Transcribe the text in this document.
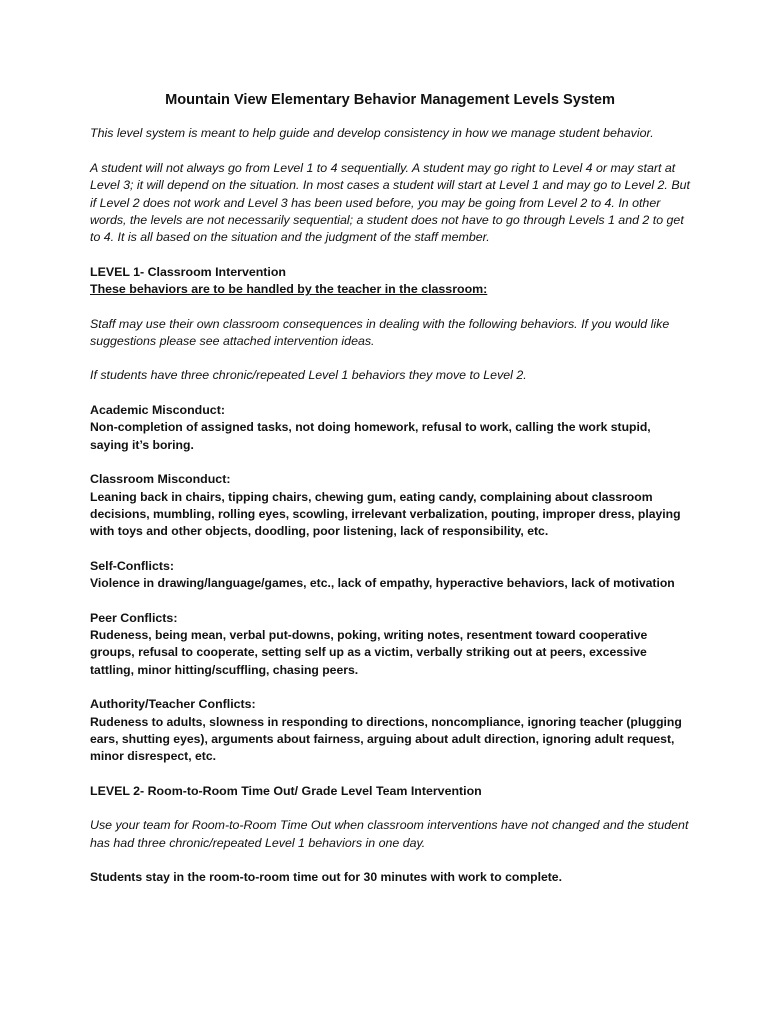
Mountain View Elementary Behavior Management Levels System

This level system is meant to help guide and develop consistency in how we manage student behavior.

A student will not always go from Level 1 to 4 sequentially. A student may go right to Level 4 or may start at Level 3; it will depend on the situation. In most cases a student will start at Level 1 and may go to Level 2. But if Level 2 does not work and Level 3 has been used before, you may be going from Level 2 to 4. In other words, the levels are not necessarily sequential; a student does not have to go through Levels 1 and 2 to get to 4. It is all based on the situation and the judgment of the staff member.

LEVEL 1- Classroom Intervention

These behaviors are to be handled by the teacher in the classroom:

Staff may use their own classroom consequences in dealing with the following behaviors. If you would like suggestions please see attached intervention ideas.

If students have three chronic/repeated Level 1 behaviors they move to Level 2.

Academic Misconduct:

Non-completion of assigned tasks, not doing homework, refusal to work, calling the work stupid, saying it’s boring.

Classroom Misconduct:

Leaning back in chairs, tipping chairs, chewing gum, eating candy, complaining about classroom decisions, mumbling, rolling eyes, scowling, irrelevant verbalization, pouting, improper dress, playing with toys and other objects, doodling, poor listening, lack of responsibility, etc.

Self-Conflicts:

Violence in drawing/language/games, etc., lack of empathy, hyperactive behaviors, lack of motivation

Peer Conflicts:

Rudeness, being mean, verbal put-downs, poking, writing notes, resentment toward cooperative groups, refusal to cooperate, setting self up as a victim, verbally striking out at peers, excessive tattling, minor hitting/scuffling, chasing peers.

Authority/Teacher Conflicts:

Rudeness to adults, slowness in responding to directions, noncompliance, ignoring teacher (plugging ears, shutting eyes), arguments about fairness, arguing about adult direction, ignoring adult request, minor disrespect, etc.

LEVEL 2- Room-to-Room Time Out/ Grade Level Team Intervention

Use your team for Room-to-Room Time Out when classroom interventions have not changed and the student has had three chronic/repeated Level 1 behaviors in one day.

Students stay in the room-to-room time out for 30 minutes with work to complete.
